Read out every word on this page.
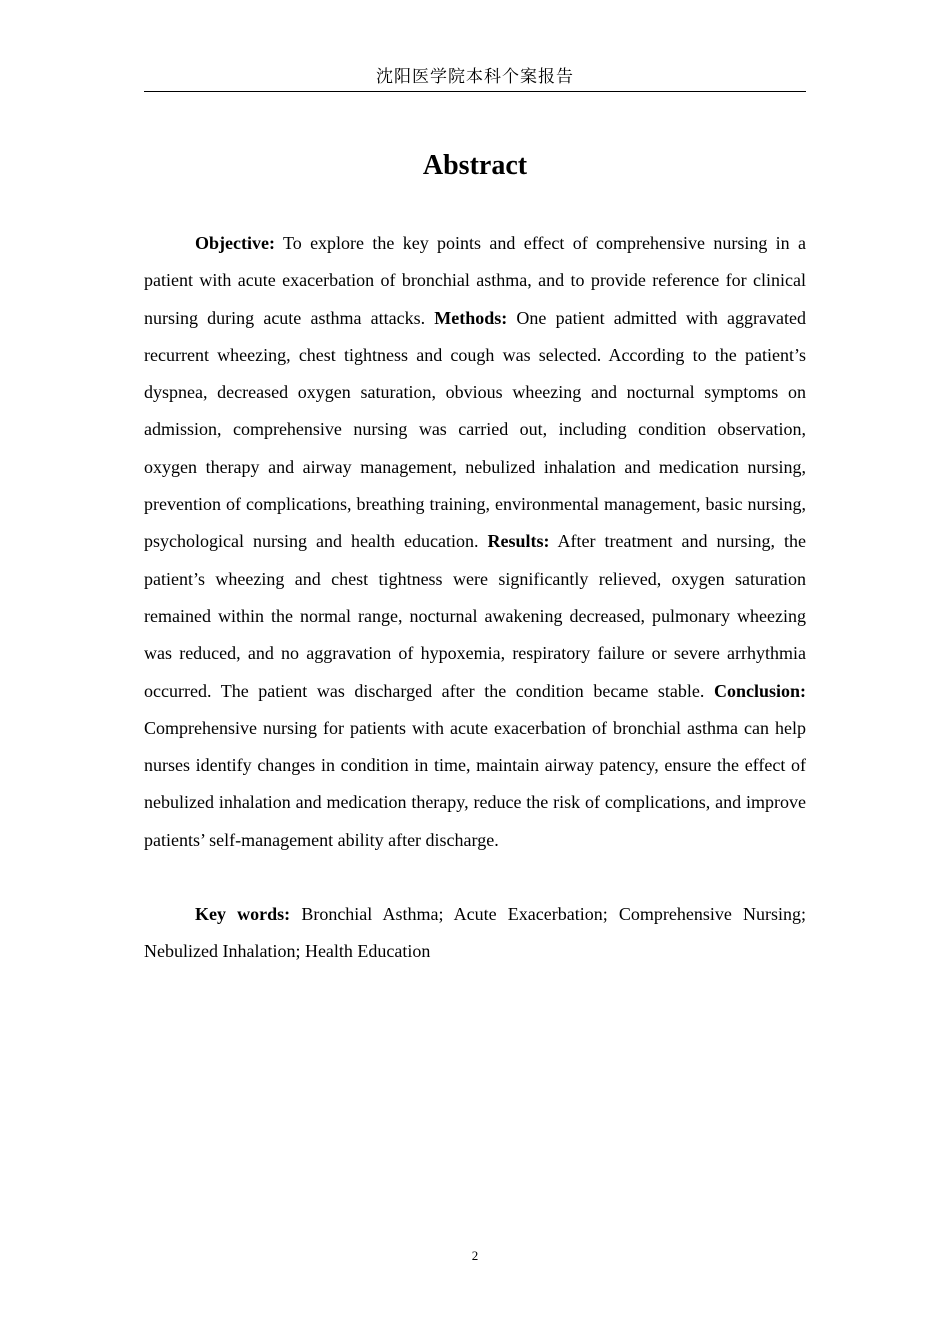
沈阳医学院本科个案报告
Abstract

Objective: To explore the key points and effect of comprehensive nursing in a patient with acute exacerbation of bronchial asthma, and to provide reference for clinical nursing during acute asthma attacks. Methods: One patient admitted with aggravated recurrent wheezing, chest tightness and cough was selected. According to the patient’s dyspnea, decreased oxygen saturation, obvious wheezing and nocturnal symptoms on admission, comprehensive nursing was carried out, including condition observation, oxygen therapy and airway management, nebulized inhalation and medication nursing, prevention of complications, breathing training, environmental management, basic nursing, psychological nursing and health education. Results: After treatment and nursing, the patient’s wheezing and chest tightness were significantly relieved, oxygen saturation remained within the normal range, nocturnal awakening decreased, pulmonary wheezing was reduced, and no aggravation of hypoxemia, respiratory failure or severe arrhythmia occurred. The patient was discharged after the condition became stable. Conclusion: Comprehensive nursing for patients with acute exacerbation of bronchial asthma can help nurses identify changes in condition in time, maintain airway patency, ensure the effect of nebulized inhalation and medication therapy, reduce the risk of complications, and improve patients’ self-management ability after discharge.

Key words: Bronchial Asthma; Acute Exacerbation; Comprehensive Nursing; Nebulized Inhalation; Health Education

2
